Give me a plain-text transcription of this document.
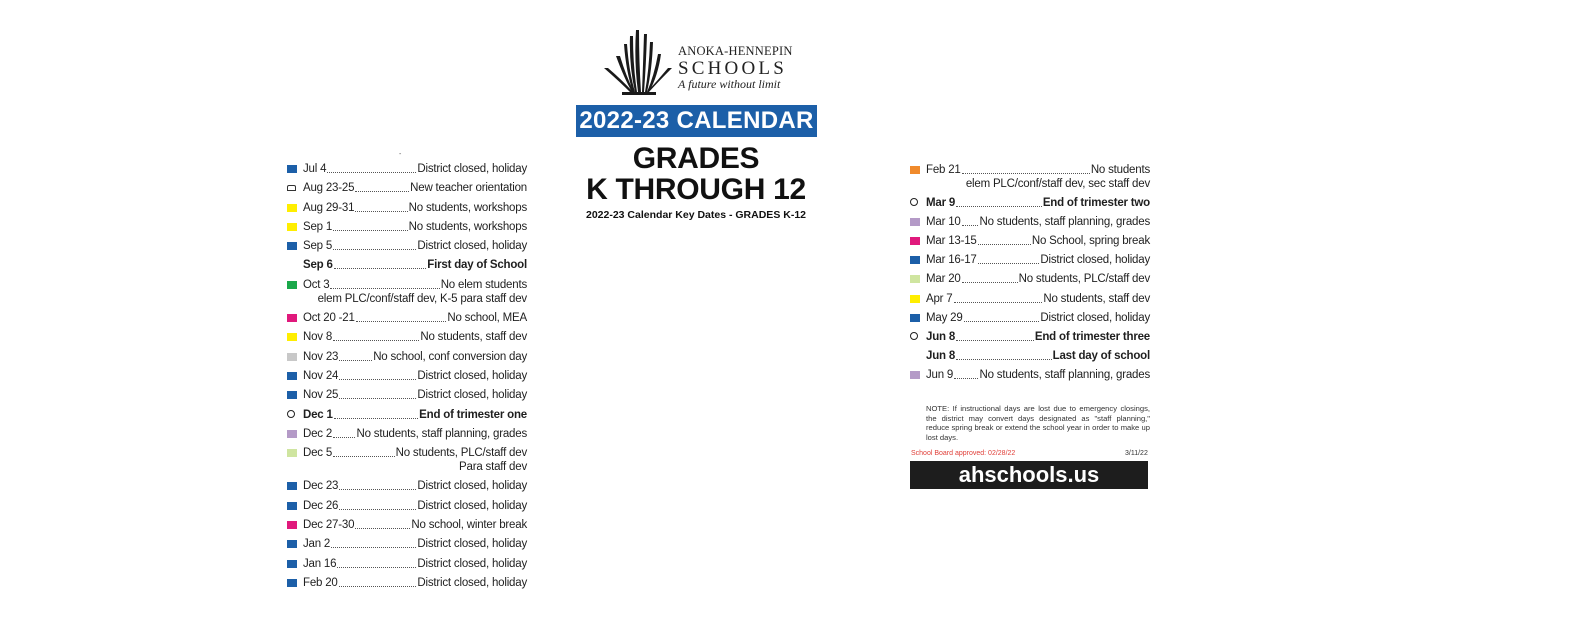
ANOKA-HENNEPIN
SCHOOLS
A future without limit
2022-23 CALENDAR
GRADES
K THROUGH 12
2022-23 Calendar Key Dates - GRADES K-12
-
Jul 4	District closed, holiday
Aug 23-25	New teacher orientation
Aug 29-31	No students, workshops
Sep 1	No students, workshops
Sep 5	District closed, holiday
Sep 6	First day of School
Oct 3	No elem students
elem PLC/conf/staff dev, K-5 para staff dev
Oct 20 -21	No school, MEA
Nov 8	No students, staff dev
Nov 23	No school, conf conversion day
Nov 24	District closed, holiday
Nov 25	District closed, holiday
Dec 1	End of trimester one
Dec 2 No students, staff planning, grades
Dec 5	No students, PLC/staff dev
Para staff dev
Dec 23	District closed, holiday
Dec 26	District closed, holiday
Dec 27-30	No school, winter break
Jan 2	District closed, holiday
Jan 16	District closed, holiday
Feb 20	District closed, holiday
Feb 21	No students
elem PLC/conf/staff dev, sec staff dev
Mar 9	End of trimester two
Mar 10 No students, staff planning, grades
Mar 13-15	No School, spring break
Mar 16-17	District closed, holiday
Mar 20	No students, PLC/staff dev
Apr 7	No students, staff dev
May 29	District closed, holiday
Jun 8	End of trimester three
Jun 8	Last day of school
Jun 9 No students, staff planning, grades
NOTE: If instructional days are lost due to emergency closings, the district may convert days designated as "staff planning," reduce spring break or extend the school year in order to make up lost days.
School Board approved: 02/28/22	3/11/22
ahschools.us
